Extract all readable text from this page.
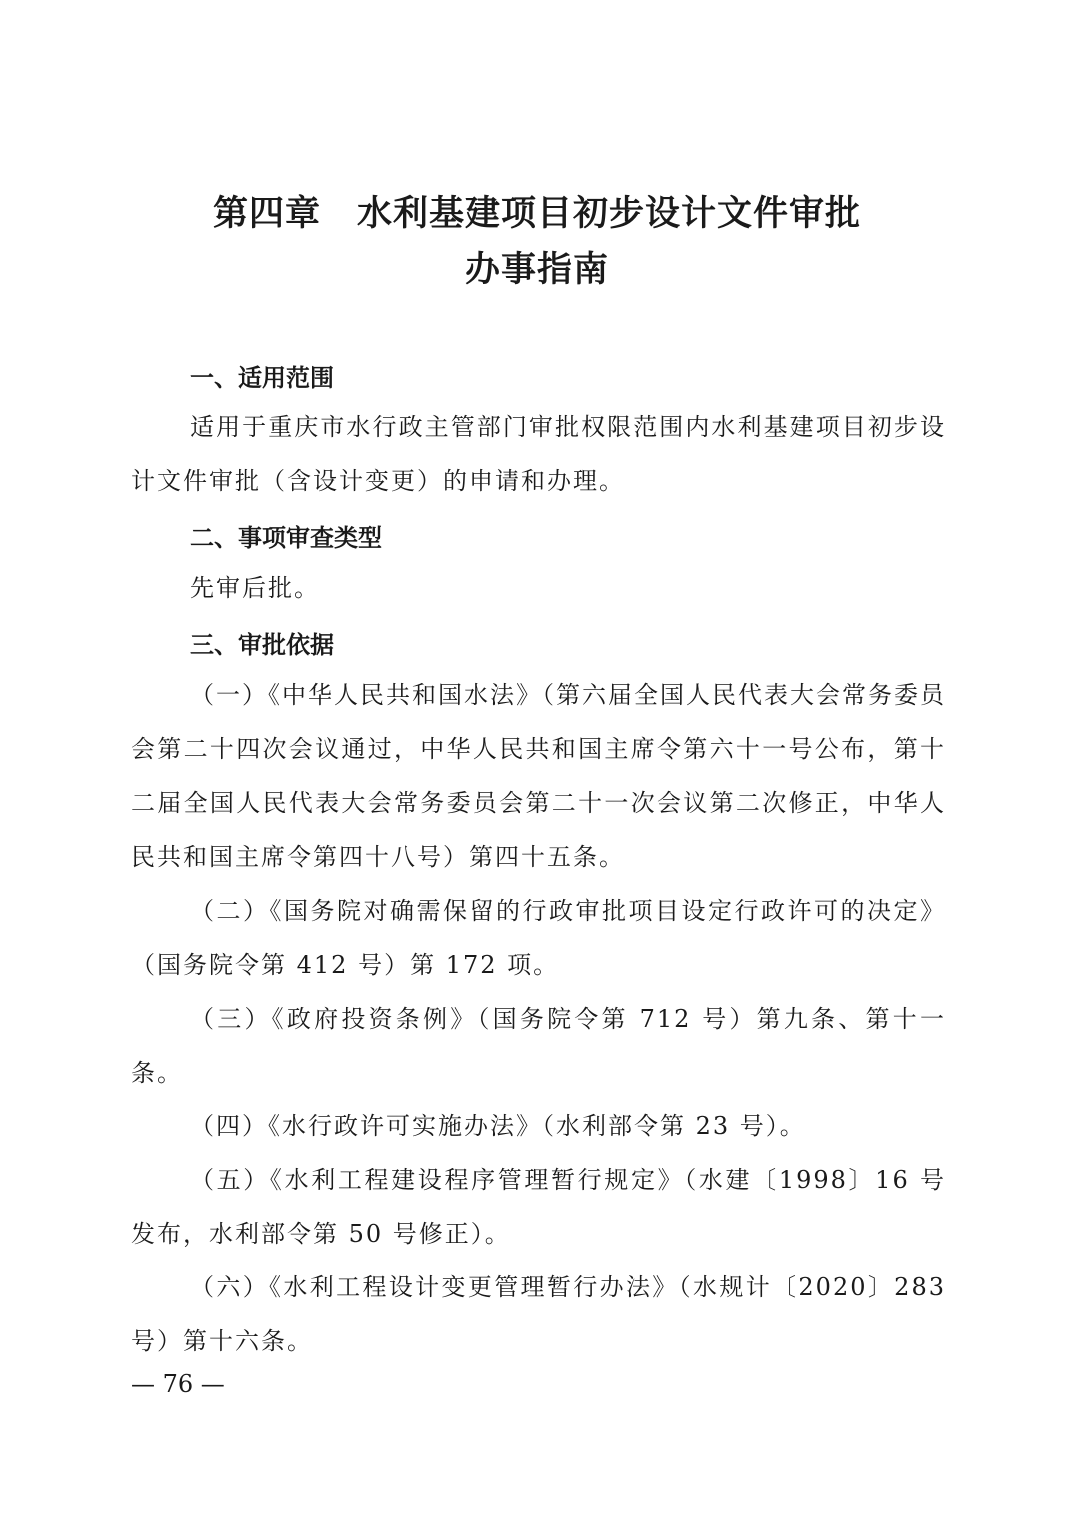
第四章　水利基建项目初步设计文件审批
办事指南
一、适用范围

适用于重庆市水行政主管部门审批权限范围内水利基建项目初步设计文件审批（含设计变更）的申请和办理。

二、事项审查类型

先审后批。

三、审批依据

（一）《中华人民共和国水法》（第六届全国人民代表大会常务委员会第二十四次会议通过，中华人民共和国主席令第六十一号公布，第十二届全国人民代表大会常务委员会第二十一次会议第二次修正，中华人民共和国主席令第四十八号）第四十五条。

（二）《国务院对确需保留的行政审批项目设定行政许可的决定》（国务院令第 412 号）第 172 项。

（三）《政府投资条例》（国务院令第 712 号）第九条、第十一条。

（四）《水行政许可实施办法》（水利部令第 23 号）。

（五）《水利工程建设程序管理暂行规定》（水建〔1998〕16 号发布，水利部令第 50 号修正）。

（六）《水利工程设计变更管理暂行办法》（水规计〔2020〕283 号）第十六条。

— 76 —
